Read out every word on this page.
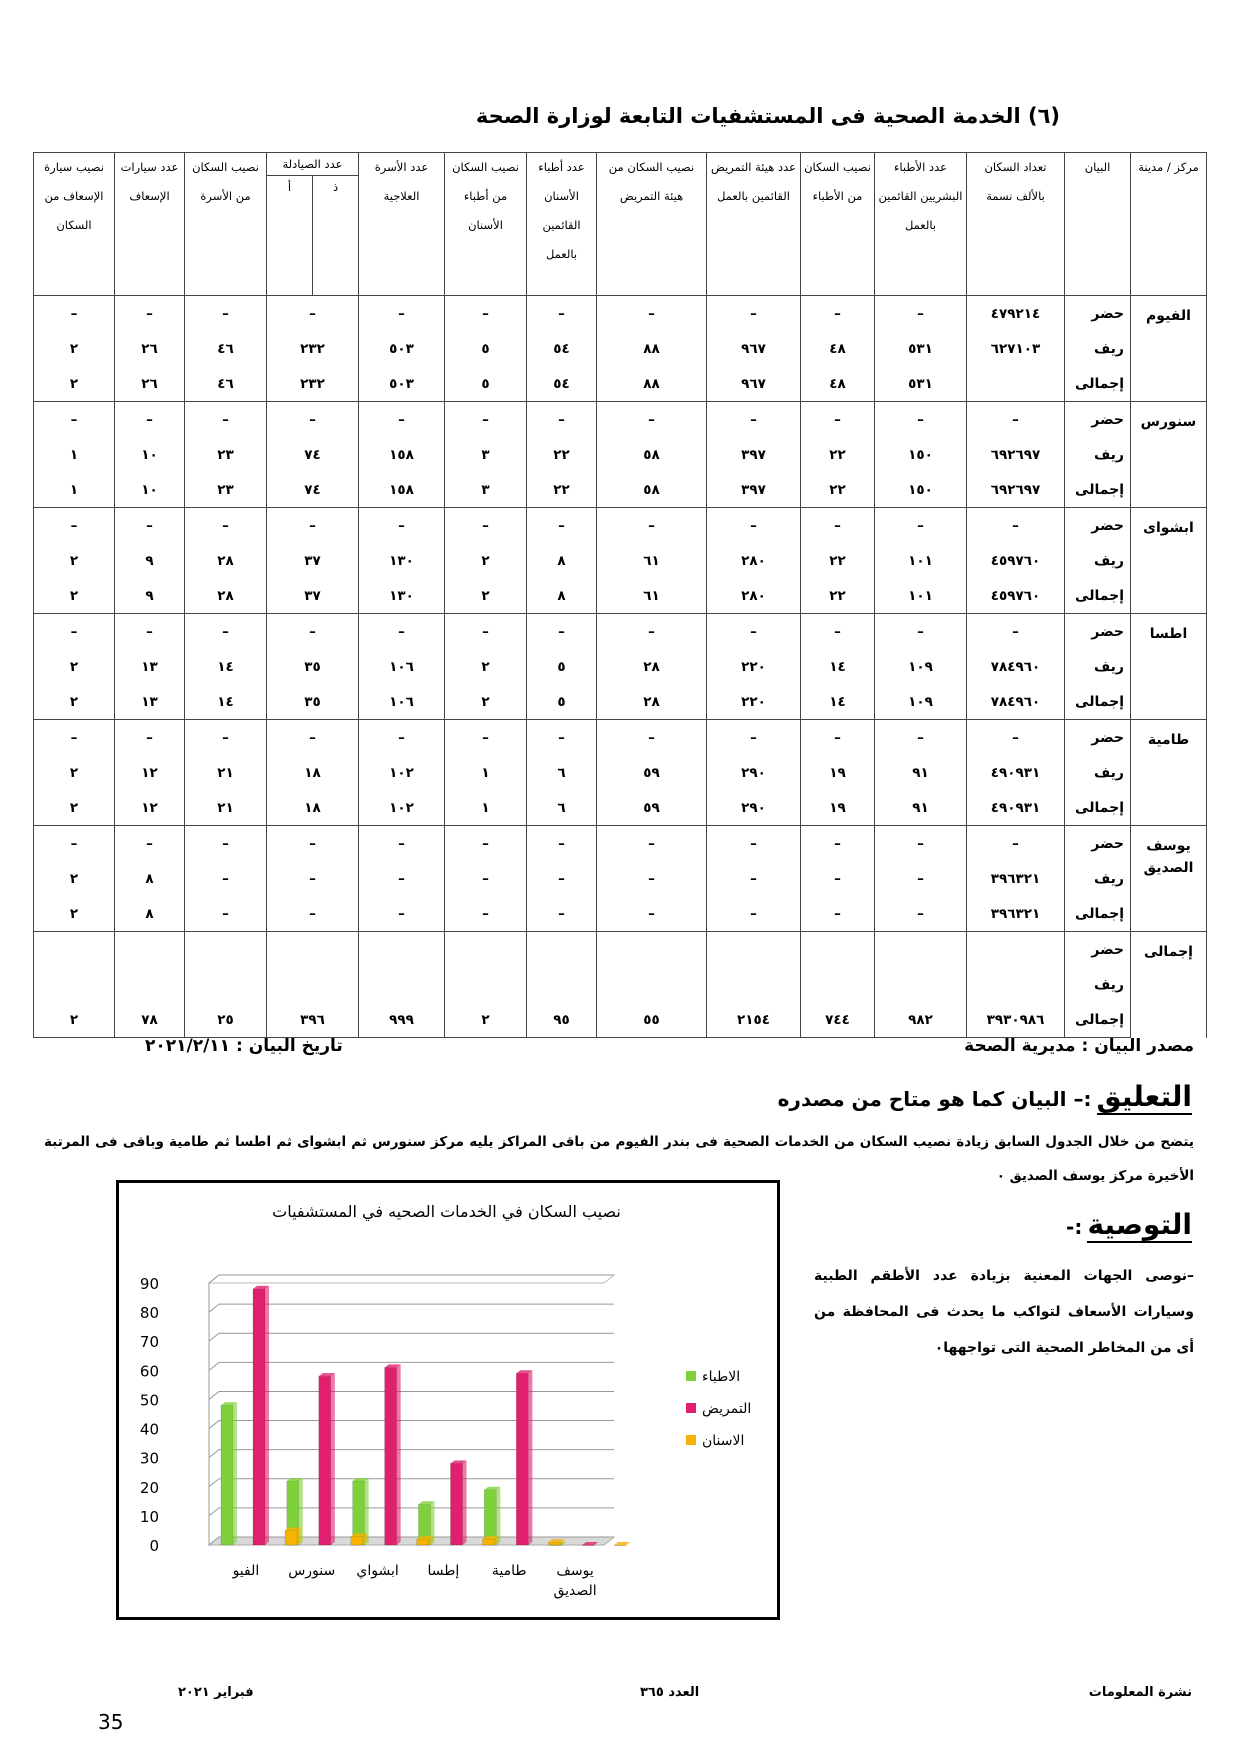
(٦) الخدمة الصحية فى المستشفيات التابعة لوزارة الصحة
مركز / مدينة	البيان	تعداد السكان بالألف نسمة	عدد الأطباء البشريين القائمين بالعمل	نصيب السكان من الأطباء	عدد هيئة التمريض القائمين بالعمل	نصيب السكان من هيئة التمريض	عدد أطباء الأسنان القائمين بالعمل	نصيب السكان من أطباء الأسنان	عدد الأسرة العلاجية	عدد الصيادلة		نصيب السكان من الأسرة	عدد سيارات الإسعاف	نصيب سيارة الإسعاف من السكان
										ذ	أ			
الفيوم	حضر	٤٧٩٢١٤	–	–	–	–	–	–	–	–		–	–	–
	ريف	٦٢٧١٠٣	٥٣١	٤٨	٩٦٧	٨٨	٥٤	٥	٥٠٣	٢٣٢		٤٦	٢٦	٢
	إجمالى		٥٣١	٤٨	٩٦٧	٨٨	٥٤	٥	٥٠٣	٢٣٢		٤٦	٢٦	٢
سنورس	حضر	–	–	–	–	–	–	–	–	–		–	–	–
	ريف	٦٩٢٦٩٧	١٥٠	٢٢	٣٩٧	٥٨	٢٢	٣	١٥٨	٧٤		٢٣	١٠	١
	إجمالى	٦٩٢٦٩٧	١٥٠	٢٢	٣٩٧	٥٨	٢٢	٣	١٥٨	٧٤		٢٣	١٠	١
ابشواى	حضر	–	–	–	–	–	–	–	–	–		–	–	–
	ريف	٤٥٩٧٦٠	١٠١	٢٢	٢٨٠	٦١	٨	٢	١٣٠	٣٧		٢٨	٩	٢
	إجمالى	٤٥٩٧٦٠	١٠١	٢٢	٢٨٠	٦١	٨	٢	١٣٠	٣٧		٢٨	٩	٢
اطسا	حضر	–	–	–	–	–	–	–	–	–		–	–	–
	ريف	٧٨٤٩٦٠	١٠٩	١٤	٢٢٠	٢٨	٥	٢	١٠٦	٣٥		١٤	١٣	٢
	إجمالى	٧٨٤٩٦٠	١٠٩	١٤	٢٢٠	٢٨	٥	٢	١٠٦	٣٥		١٤	١٣	٢
طامية	حضر	–	–	–	–	–	–	–	–	–		–	–	–
	ريف	٤٩٠٩٣١	٩١	١٩	٢٩٠	٥٩	٦	١	١٠٢	١٨		٢١	١٢	٢
	إجمالى	٤٩٠٩٣١	٩١	١٩	٢٩٠	٥٩	٦	١	١٠٢	١٨		٢١	١٢	٢
يوسف الصديق	حضر	–	–	–	–	–	–	–	–	–		–	–	–
	ريف	٣٩٦٣٢١	–	–	–	–	–	–	–	–		–	٨	٢
	إجمالى	٣٩٦٣٢١	–	–	–	–	–	–	–	–		–	٨	٢
إجمالى	حضر													
	ريف													
	إجمالى	٣٩٣٠٩٨٦	٩٨٢	٧٤٤	٢١٥٤	٥٥	٩٥	٢	٩٩٩	٣٩٦		٢٥	٧٨	٢
مصدر البيان : مديرية الصحة
تاريخ البيان : ٢٠٢١/٢/١١
التعليق :– البيان كما هو متاح من مصدره
يتضح من خلال الجدول السابق زيادة نصيب السكان من الخدمات الصحية فى بندر الفيوم من باقى المراكز يليه مركز سنورس ثم ابشواى ثم اطسا ثم طامية وباقى فى المرتبة الأخيرة مركز يوسف الصديق ٠
التوصية :-
–نوصى الجهات المعنية بزيادة عدد الأطقم الطبية وسيارات الأسعاف لتواكب ما يحدث فى المحافظة من أى من المخاطر الصحية التى تواجهها٠
نصيب السكان في الخدمات الصحيه في المستشفيات
90
80
70
60
50
40
30
20
10
0
الفيو سنورس ابشواي إطسا طامية يوسف
الصديق
الاطباء
التمريض
الاسنان
فبراير ٢٠٢١	العدد ٣٦٥	نشرة المعلومات
35
